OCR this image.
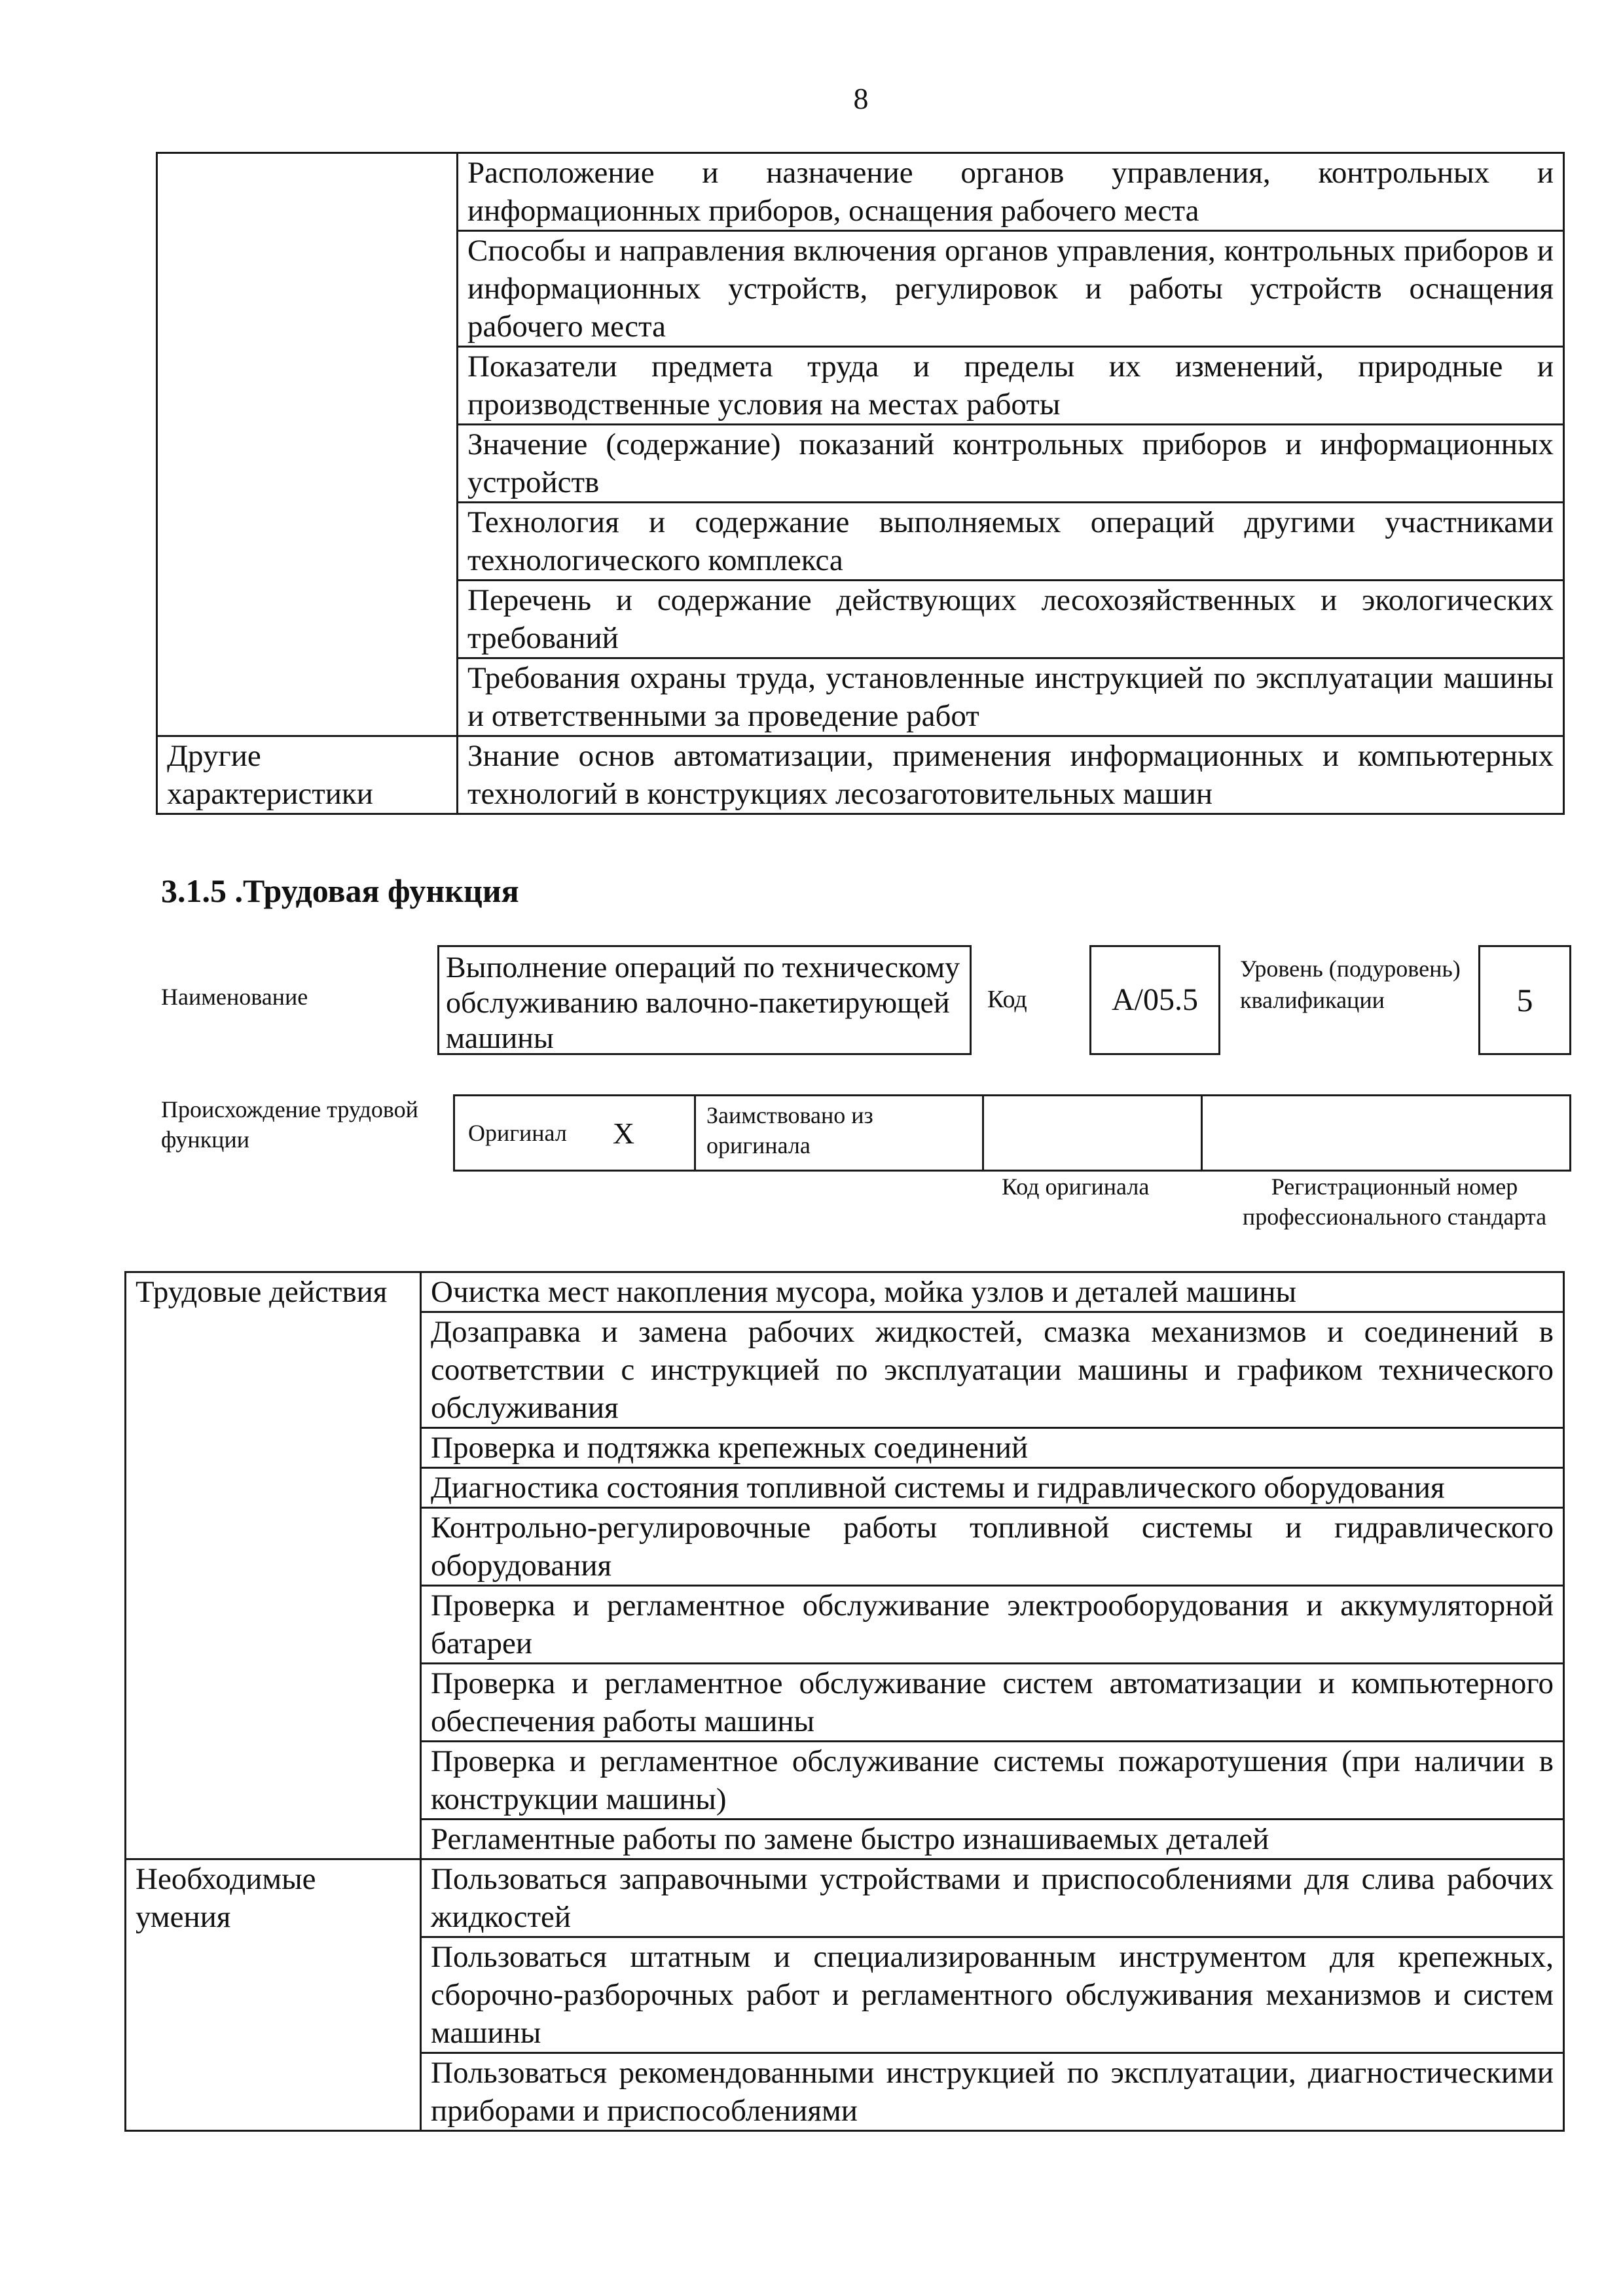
8
	Расположение и назначение органов управления, контрольных и информационных приборов, оснащения рабочего места
	Способы и направления включения органов управления, контрольных приборов и информационных устройств, регулировок и работы устройств оснащения рабочего места
	Показатели предмета труда и пределы их изменений, природные и производственные условия на местах работы
	Значение (содержание) показаний контрольных приборов и информационных устройств
	Технология и содержание выполняемых операций другими участниками технологического комплекса
	Перечень и содержание действующих лесохозяйственных и экологических требований
	Требования охраны труда, установленные инструкцией по эксплуатации машины и ответственными за проведение работ
Другие характеристики	Знание основ автоматизации, применения информационных и компьютерных технологий в конструкциях лесозаготовительных машин
3.1.5 .Трудовая функция
Наименование
Выполнение операций по техническому обслуживанию валочно-пакетирующей машины
Код	A/05.5
Уровень (подуровень) квалификации	5
Происхождение трудовой функции	Оригинал X
Заимствовано из оригинала
Код оригинала	Регистрационный номер профессионального стандарта
Трудовые действия	Очистка мест накопления мусора, мойка узлов и деталей машины
	Дозаправка и замена рабочих жидкостей, смазка механизмов и соединений в соответствии с инструкцией по эксплуатации машины и графиком технического обслуживания
	Проверка и подтяжка крепежных соединений
	Диагностика состояния топливной системы и гидравлического оборудования
	Контрольно-регулировочные работы топливной системы и гидравлического оборудования
	Проверка и регламентное обслуживание электрооборудования и аккумуляторной батареи
	Проверка и регламентное обслуживание систем автоматизации и компьютерного обеспечения работы машины
	Проверка и регламентное обслуживание системы пожаротушения (при наличии в конструкции машины)
	Регламентные работы по замене быстро изнашиваемых деталей
Необходимые умения	Пользоваться заправочными устройствами и приспособлениями для слива рабочих жидкостей
	Пользоваться штатным и специализированным инструментом для крепежных, сборочно-разборочных работ и регламентного обслуживания механизмов и систем машины
	Пользоваться рекомендованными инструкцией по эксплуатации, диагностическими приборами и приспособлениями
